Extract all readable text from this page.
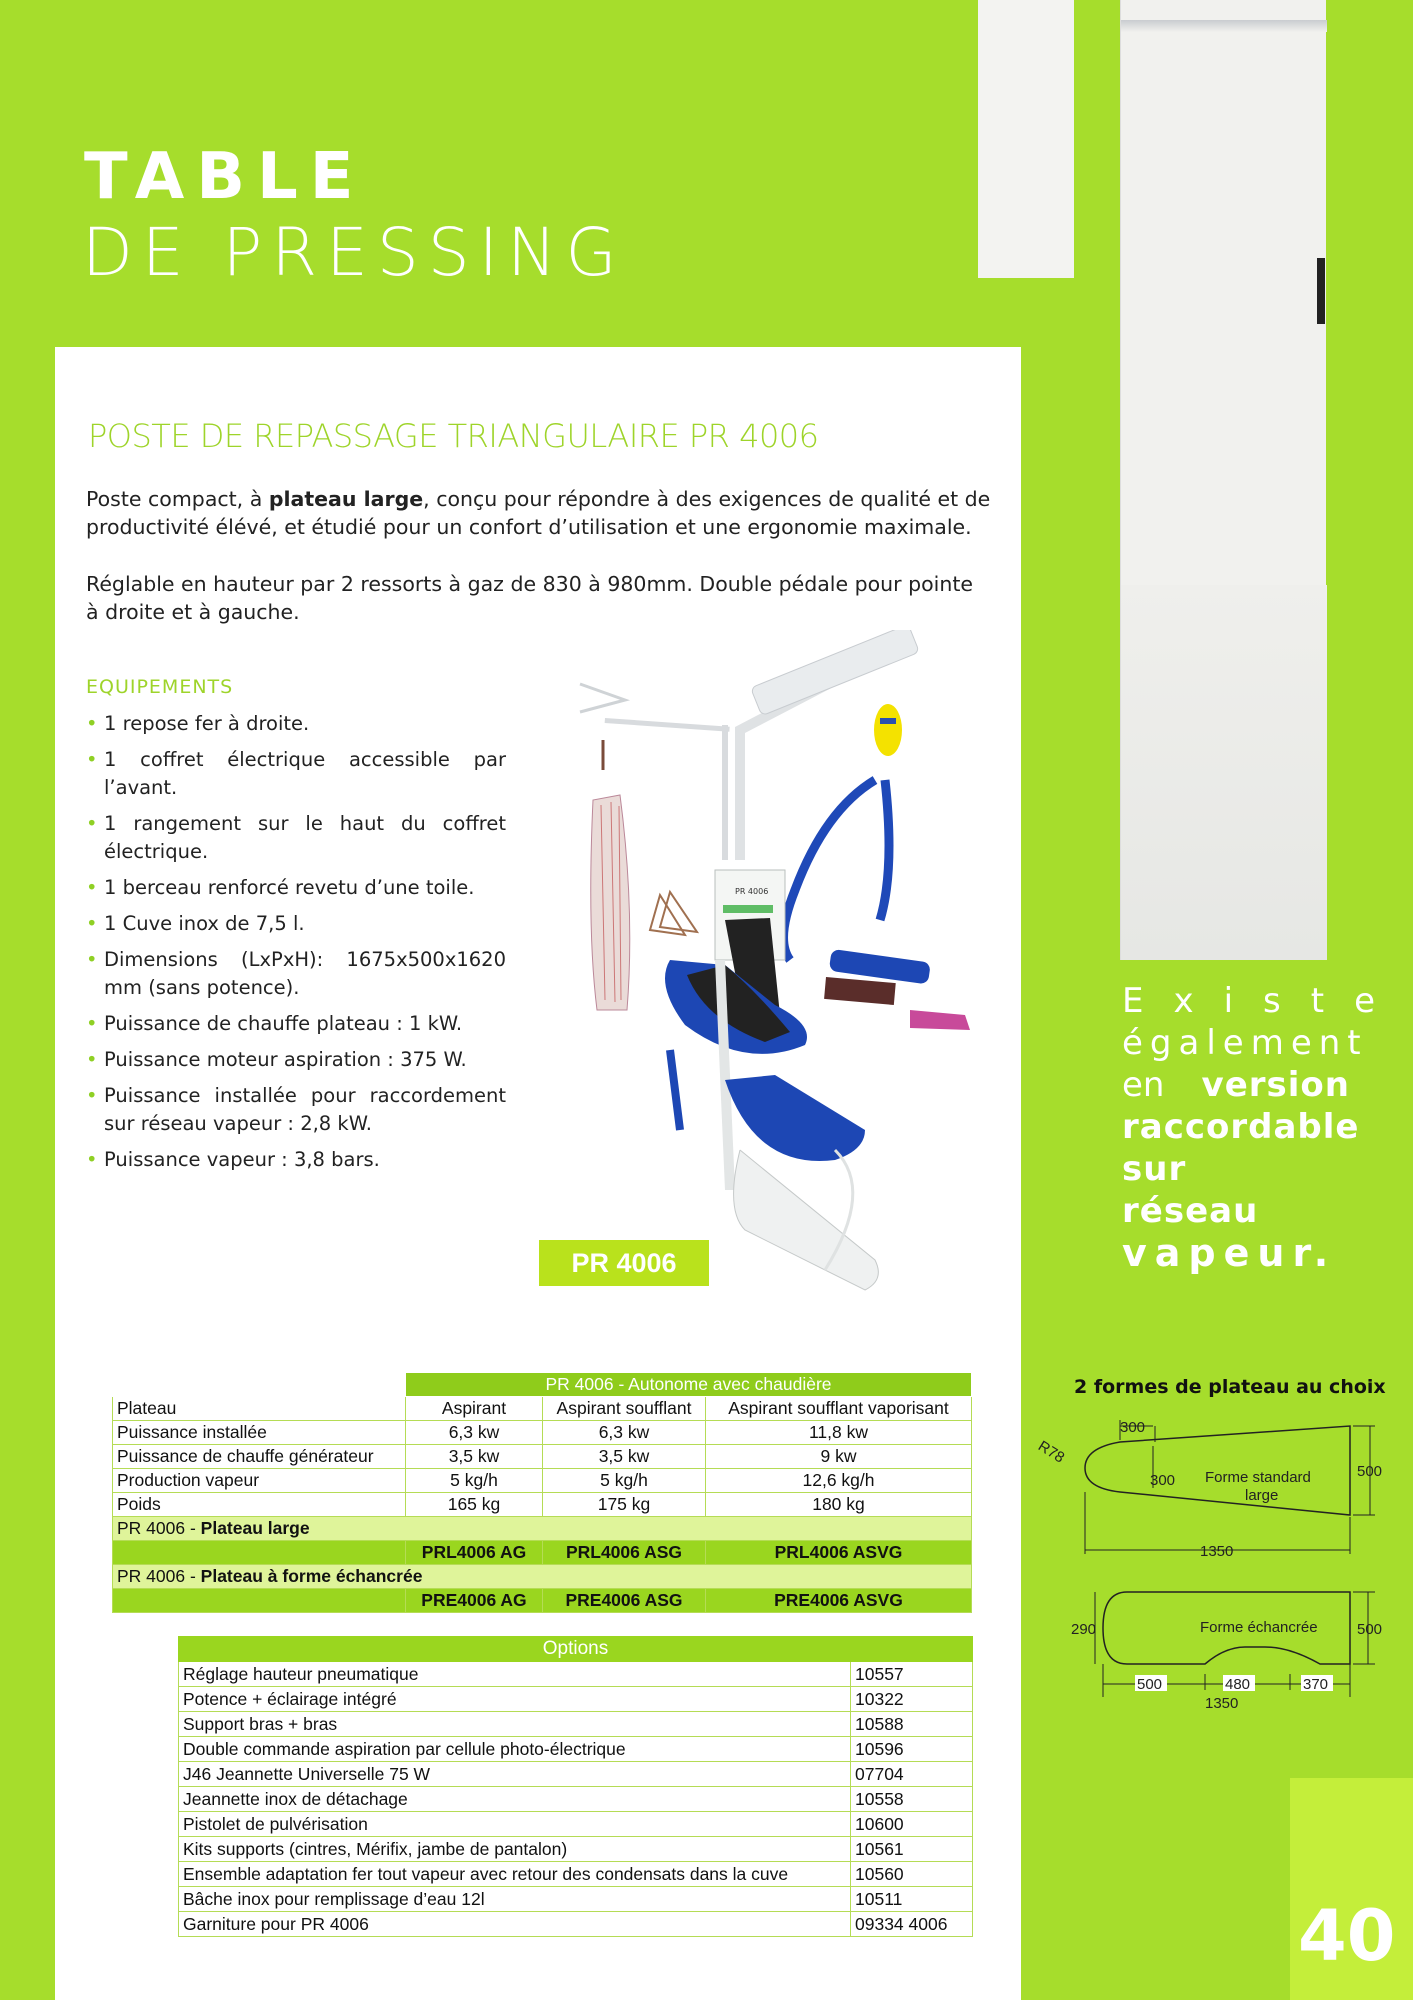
TABLE
DE PRESSING
POSTE DE REPASSAGE TRIANGULAIRE PR 4006

Poste compact, à plateau large, conçu pour répondre à des exigences de qualité et de productivité élévé, et étudié pour un confort d’utilisation et une ergonomie maximale.

Réglable en hauteur par 2 ressorts à gaz de 830 à 980mm. Double pédale pour pointe à droite et à gauche.

EQUIPEMENTS
• 1 repose fer à droite.
• 1 coffret électrique accessible par l’avant.
• 1 rangement sur le haut du coffret électrique.
• 1 berceau renforcé revetu d’une toile.
• 1 Cuve inox de 7,5 l.
• Dimensions (LxPxH): 1675x500x1620 mm (sans potence).
• Puissance de chauffe plateau : 1 kW.
• Puissance moteur aspiration : 375 W.
• Puissance installée pour raccordement sur réseau vapeur : 2,8 kW.
• Puissance vapeur : 3,8 bars.
PR 4006
PR 4006
Existe
également
en version
raccordable
sur réseau
vapeur.
	PR 4006 - Autonome avec chaudière		
Plateau	Aspirant	Aspirant soufflant	Aspirant soufflant vaporisant
Puissance installée	6,3 kw	6,3 kw	11,8 kw
Puissance de chauffe générateur	3,5 kw	3,5 kw	9 kw
Production vapeur	5 kg/h	5 kg/h	12,6 kg/h
Poids	165 kg	175 kg	180 kg
PR 4006 - Plateau large			
	PRL4006 AG	PRL4006 ASG	PRL4006 ASVG
PR 4006 - Plateau à forme échancrée			
	PRE4006 AG	PRE4006 ASG	PRE4006 ASVG
Options	
Réglage hauteur pneumatique	10557
Potence + éclairage intégré	10322
Support bras + bras	10588
Double commande aspiration par cellule photo-électrique	10596
J46 Jeannette Universelle 75 W	07704
Jeannette inox de détachage	10558
Pistolet de pulvérisation	10600
Kits supports (cintres, Mérifix, jambe de pantalon)	10561
Ensemble adaptation fer tout vapeur avec retour des condensats dans la cuve	10560
Bâche inox pour remplissage d’eau 12l	10511
Garniture pour PR 4006	09334 4006
2 formes de plateau au choix
300
300 Forme standard
large
500
1350
R78
290	Forme échancrée	500
500	480	370
1350
40
